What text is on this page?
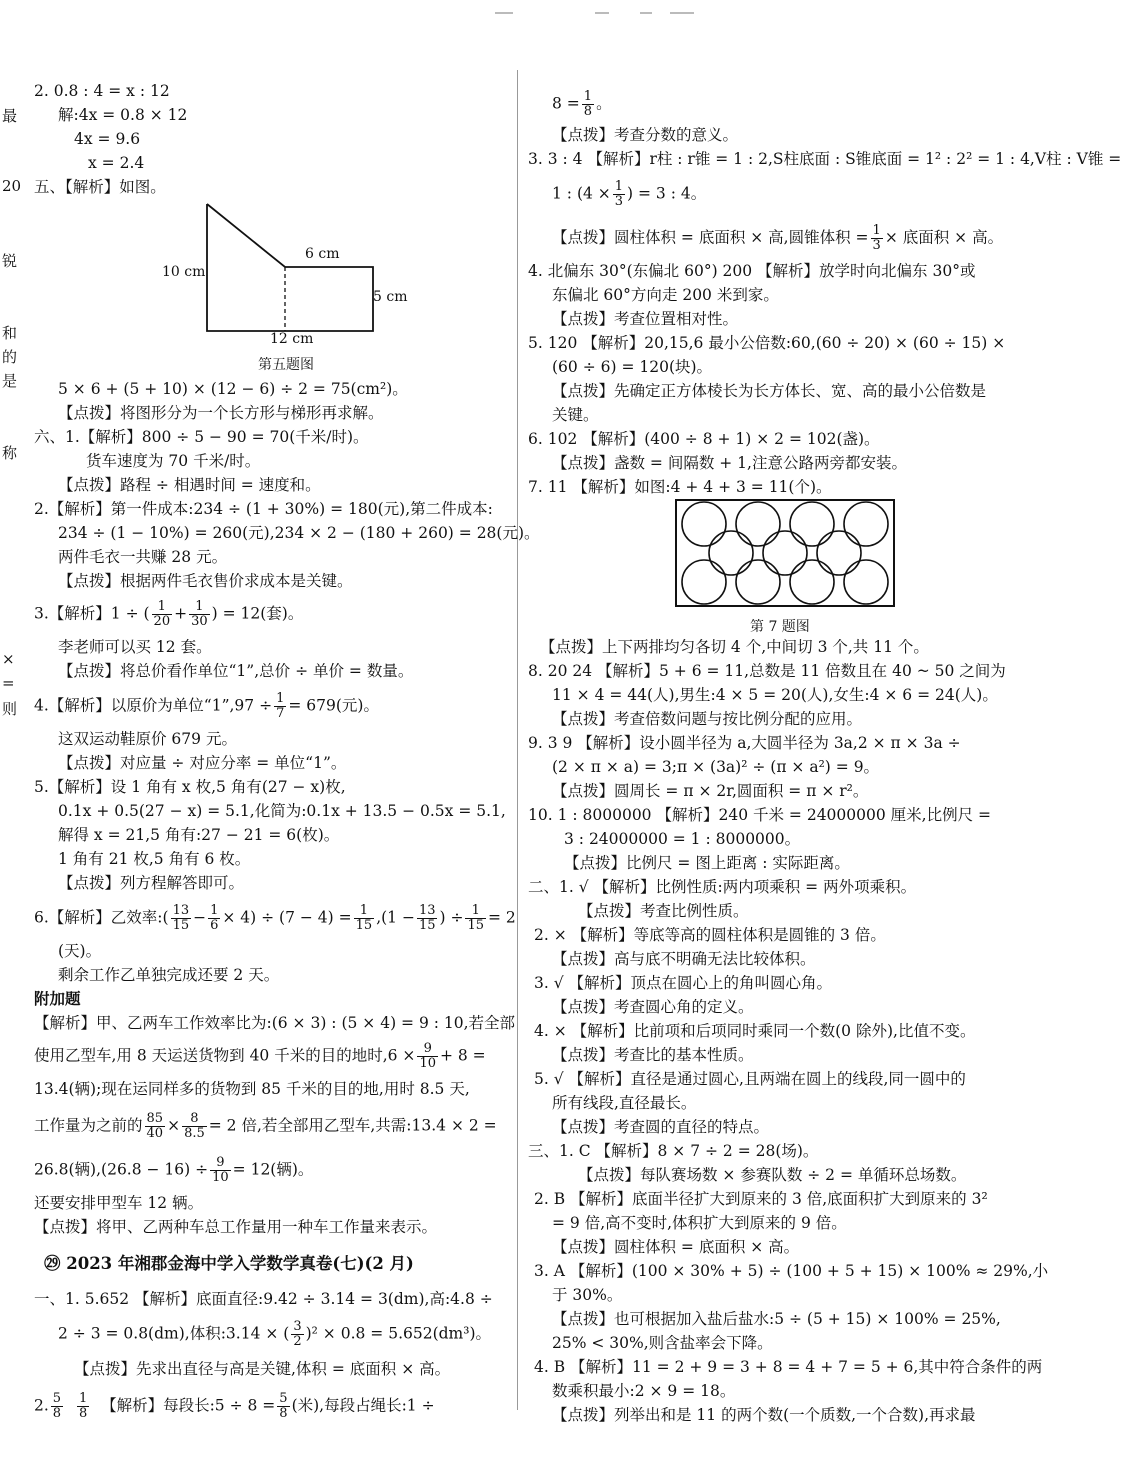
最
20
锐
和
的
是
称
×
=
则
2. 0.8 : 4 = x : 12
解:4x = 0.8 × 12
4x = 9.6
x = 2.4
五、【解析】如图。
10 cm
6 cm
5 cm
12 cm
第五题图
5 × 6 + (5 + 10) × (12 − 6) ÷ 2 = 75(cm²)。
【点拨】将图形分为一个长方形与梯形再求解。
六、1.【解析】800 ÷ 5 − 90 = 70(千米/时)。
货车速度为 70 千米/时。
【点拨】路程 ÷ 相遇时间 = 速度和。
2.【解析】第一件成本:234 ÷ (1 + 30%) = 180(元),第二件成本:
234 ÷ (1 − 10%) = 260(元),234 × 2 − (180 + 260) = 28(元)。
两件毛衣一共赚 28 元。
【点拨】根据两件毛衣售价求成本是关键。
3.【解析】1 ÷ ( $\frac{1}{20} + \frac{1}{30}$ ) = 12(套)。
李老师可以买 12 套。
【点拨】将总价看作单位“1”,总价 ÷ 单价 = 数量。
4.【解析】以原价为单位“1”,97 ÷ $\frac{1}{7} = 679$(元)。
这双运动鞋原价 679 元。
【点拨】对应量 ÷ 对应分率 = 单位“1”。
5.【解析】设 1 角有 x 枚,5 角有(27 − x)枚,
0.1x + 0.5(27 − x) = 5.1,化简为:0.1x + 13.5 − 0.5x = 5.1,
解得 x = 21,5 角有:27 − 21 = 6(枚)。
1 角有 21 枚,5 角有 6 枚。
【点拨】列方程解答即可。
6.【解析】乙效率:( $\frac{13}{15} - \frac{1}{6} \times 4) \div (7 - 4) = \frac{1}{15} ,(1 - \frac{13}{15}$ ) ÷ $\frac{1}{15} = 2$
(天)。
剩余工作乙单独完成还要 2 天。
附加题
【解析】甲、乙两车工作效率比为:(6 × 3) : (5 × 4) = 9 : 10,若全部
使用乙型车,用 8 天运送货物到 40 千米的目的地时$,6 \times \frac{9}{10} + 8$ =
13.4(辆);现在运同样多的货物到 85 千米的目的地,用时 8.5 天,
工作量为之前的 $\frac{85}{40} \times \frac{8}{8.5} = 2$ 倍,若全部用乙型车,共需:13.4 × 2 =
26.8(辆)$,(26.8 - 16) \div \frac{9}{10} = 12$(辆)。
还要安排甲型车 12 辆。
【点拨】将甲、乙两种车总工作量用一种车工作量来表示。
㉙ 2023 年湘郡金海中学入学数学真卷(七)(2 月)
一、1. 5.652 【解析】底面直径:9.42 ÷ 3.14 = 3(dm),高:4.8 ÷
2 ÷ 3 = 0.8(dm),体积:3.14 × ( $\frac{3}{2} )^2 \times 0.8 = 5.652(dm^3)$。
【点拨】先求出直径与高是关键,体积 = 底面积 × 高。
2. $\frac{5}{8}$
$\frac{1}{8}$ 【解析】每段长:5 ÷ $8 = \frac{5}{8}$ (米),每段占绳长:1 ÷
$8 = \frac{1}{8}$ 。
【点拨】考查分数的意义。
3. 3 : 4 【解析】r柱 : r锥 = 1 : 2,S柱底面 : S锥底面 = 1² : 2² = 1 : 4,V柱 : V锥 =
1 : ($4 \times \frac{1}{3}$ ) = 3 : 4。
【点拨】圆柱体积 = 底面积 × 高,圆锥体积 = $\frac{1}{3}$ × 底面积 × 高。
4. 北偏东 30°(东偏北 60°) 200 【解析】放学时向北偏东 30°或
东偏北 60°方向走 200 米到家。
【点拨】考查位置相对性。
5. 120 【解析】20,15,6 最小公倍数:60,(60 ÷ 20) × (60 ÷ 15) ×
(60 ÷ 6) = 120(块)。
【点拨】先确定正方体棱长为长方体长、宽、高的最小公倍数是
关键。
6. 102 【解析】(400 ÷ 8 + 1) × 2 = 102(盏)。
【点拨】盏数 = 间隔数 + 1,注意公路两旁都安装。
7. 11 【解析】如图:4 + 4 + 3 = 11(个)。
第 7 题图
【点拨】上下两排均匀各切 4 个,中间切 3 个,共 11 个。
8. 20 24 【解析】5 + 6 = 11,总数是 11 倍数且在 40 ~ 50 之间为
11 × 4 = 44(人),男生:4 × 5 = 20(人),女生:4 × 6 = 24(人)。
【点拨】考查倍数问题与按比例分配的应用。
9. 3 9 【解析】设小圆半径为 a,大圆半径为 3a,2 × π × 3a ÷
(2 × π × a) = 3;π × (3a)² ÷ (π × a²) = 9。
【点拨】圆周长 = π × 2r,圆面积 = π × r²。
10. 1 : 8000000 【解析】240 千米 = 24000000 厘米,比例尺 =
3 : 24000000 = 1 : 8000000。
【点拨】比例尺 = 图上距离 : 实际距离。
二、1. √ 【解析】比例性质:两内项乘积 = 两外项乘积。
【点拨】考查比例性质。
2. × 【解析】等底等高的圆柱体积是圆锥的 3 倍。
【点拨】高与底不明确无法比较体积。
3. √ 【解析】顶点在圆心上的角叫圆心角。
【点拨】考查圆心角的定义。
4. × 【解析】比前项和后项同时乘同一个数(0 除外),比值不变。
【点拨】考查比的基本性质。
5. √ 【解析】直径是通过圆心,且两端在圆上的线段,同一圆中的
所有线段,直径最长。
【点拨】考查圆的直径的特点。
三、1. C 【解析】8 × 7 ÷ 2 = 28(场)。
【点拨】每队赛场数 × 参赛队数 ÷ 2 = 单循环总场数。
2. B 【解析】底面半径扩大到原来的 3 倍,底面积扩大到原来的 3²
= 9 倍,高不变时,体积扩大到原来的 9 倍。
【点拨】圆柱体积 = 底面积 × 高。
3. A 【解析】(100 × 30% + 5) ÷ (100 + 5 + 15) × 100% ≈ 29%,小
于 30%。
【点拨】也可根据加入盐后盐水:5 ÷ (5 + 15) × 100% = 25%,
25% < 30%,则含盐率会下降。
4. B 【解析】11 = 2 + 9 = 3 + 8 = 4 + 7 = 5 + 6,其中符合条件的两
数乘积最小:2 × 9 = 18。
【点拨】列举出和是 11 的两个数(一个质数,一个合数),再求最
